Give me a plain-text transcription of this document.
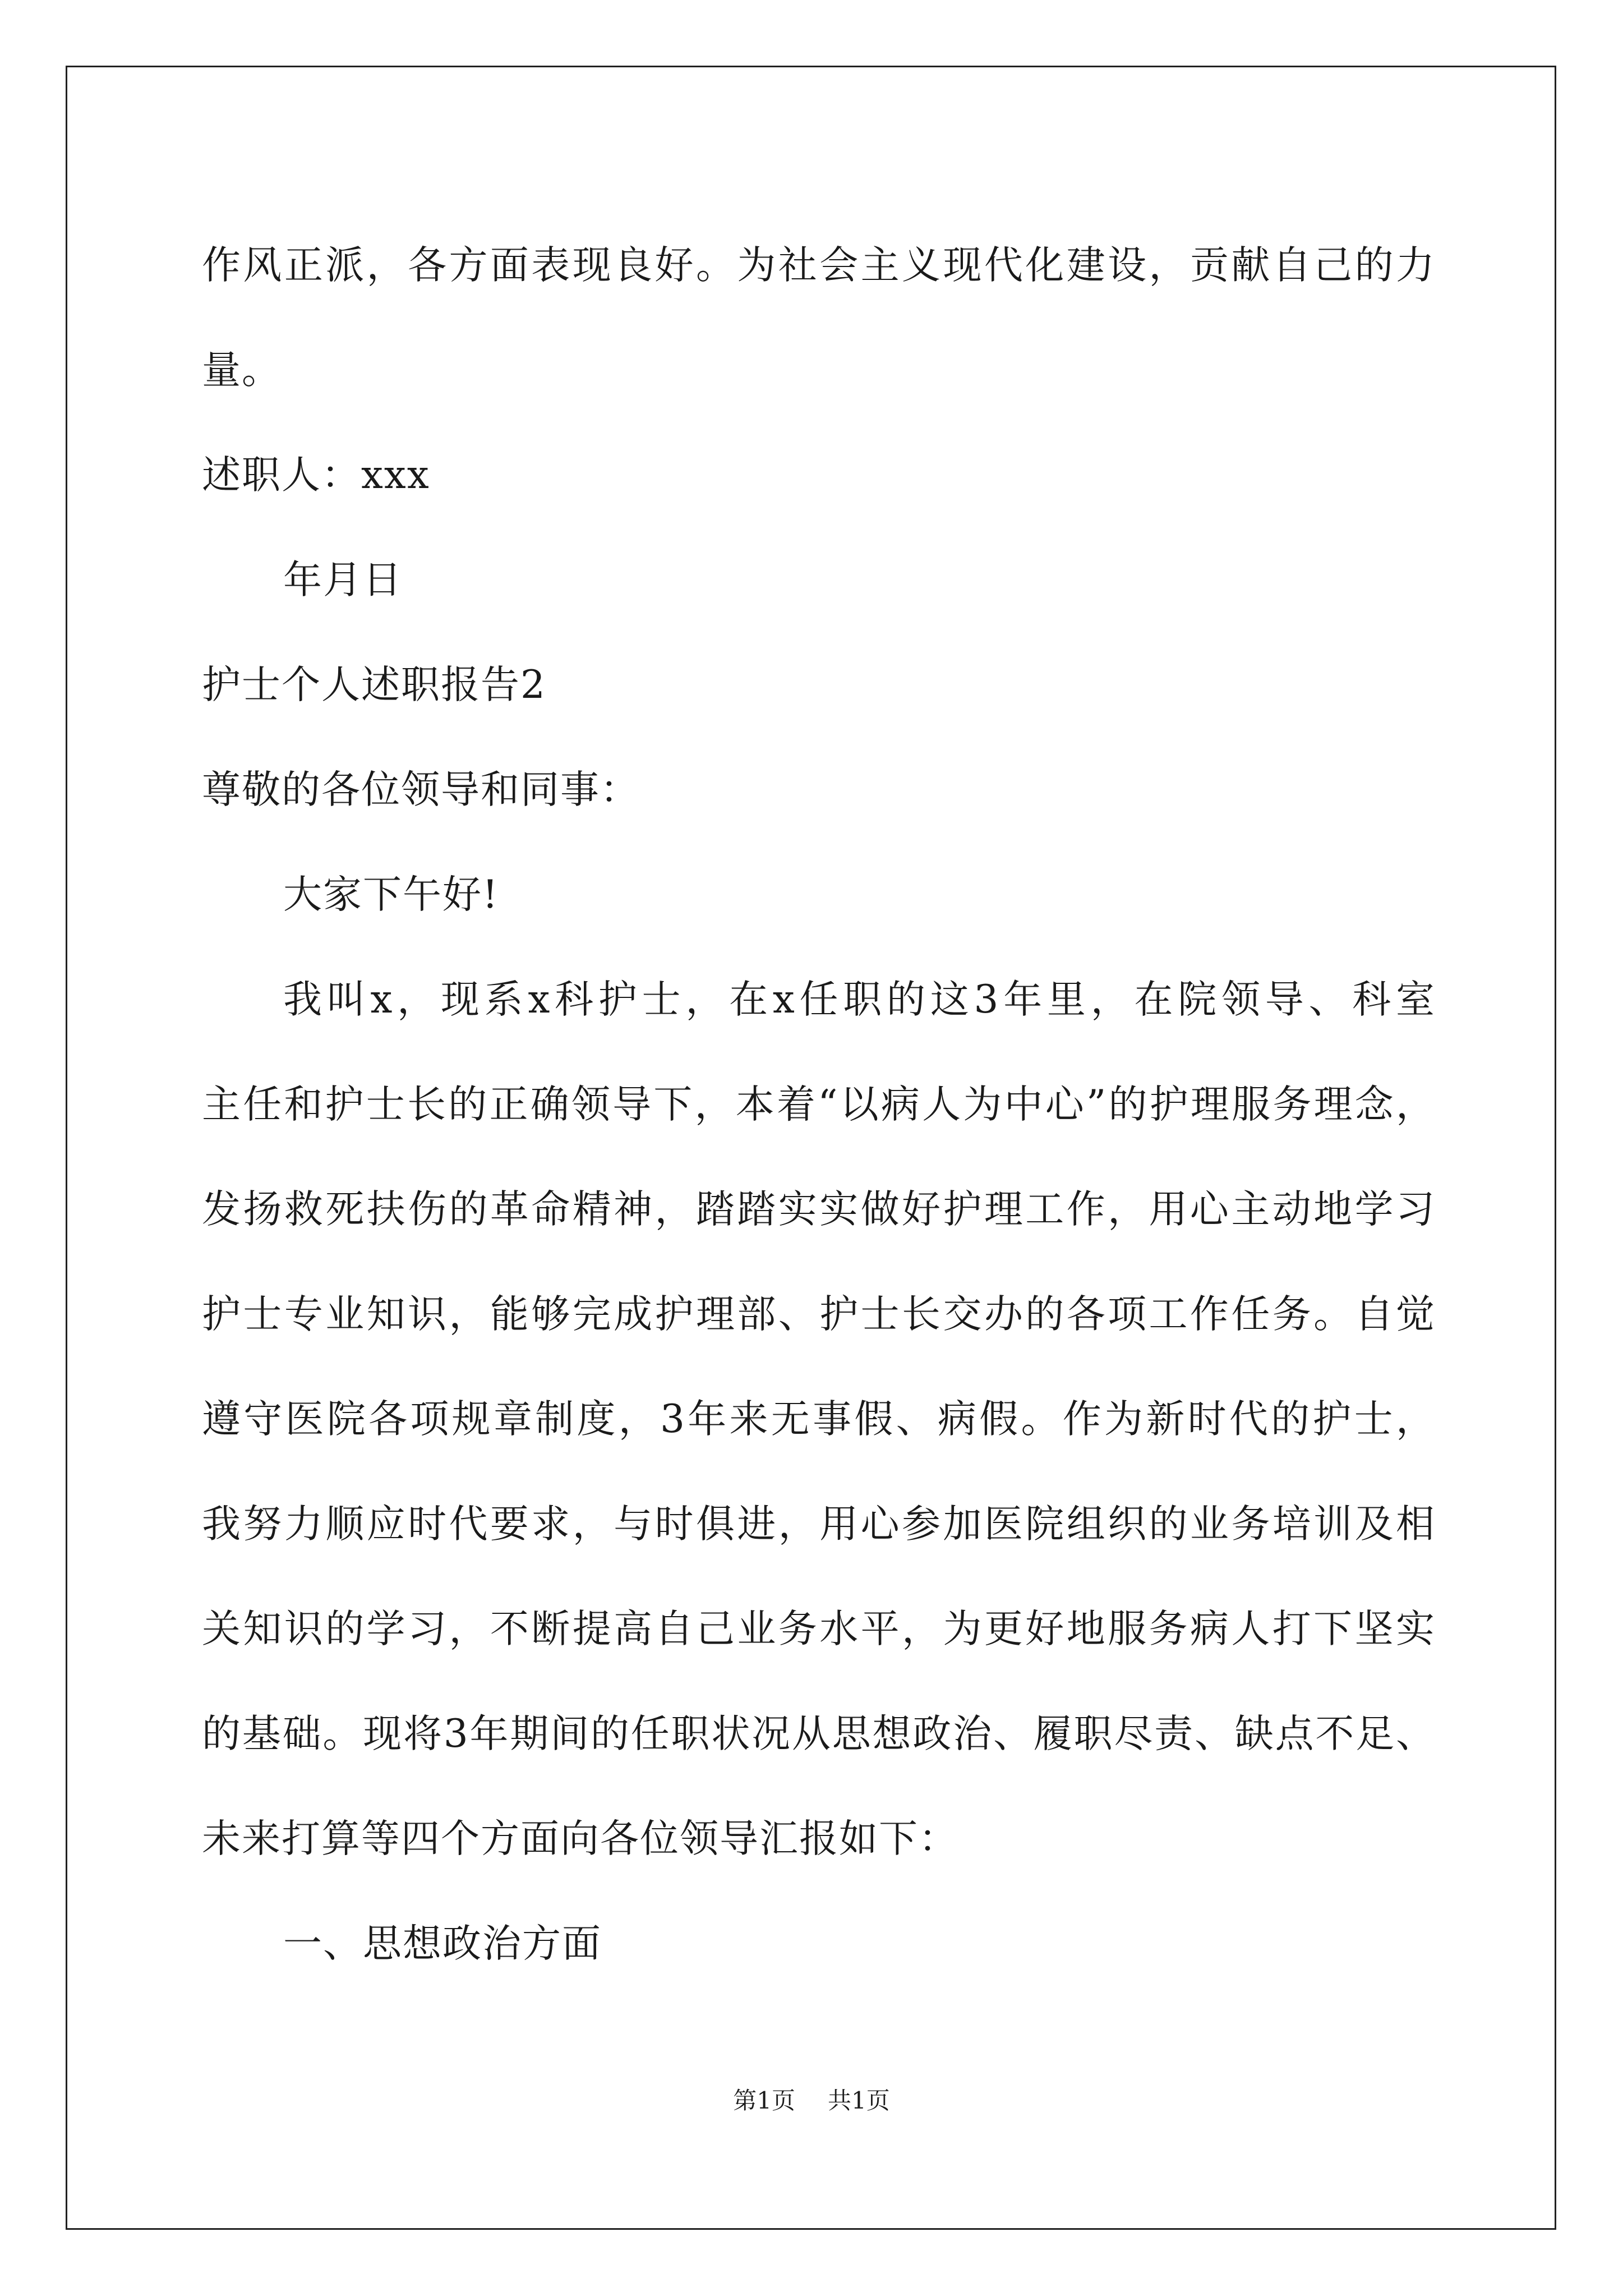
作风正派，各方面表现良好。为社会主义现代化建设，贡献自己的力
量。
述职人：xxx
年月日
护士个人述职报告2
尊敬的各位领导和同事：
大家下午好!
我叫x，现系x科护士，在x任职的这3年里，在院领导、科室
主任和护士长的正确领导下，本着“以病人为中心”的护理服务理念，
发扬救死扶伤的革命精神，踏踏实实做好护理工作，用心主动地学习
护士专业知识，能够完成护理部、护士长交办的各项工作任务。自觉
遵守医院各项规章制度，3年来无事假、病假。作为新时代的护士，
我努力顺应时代要求，与时俱进，用心参加医院组织的业务培训及相
关知识的学习，不断提高自己业务水平，为更好地服务病人打下坚实
的基础。现将3年期间的任职状况从思想政治、履职尽责、缺点不足、
未来打算等四个方面向各位领导汇报如下：
一、思想政治方面
第1页 共1页
